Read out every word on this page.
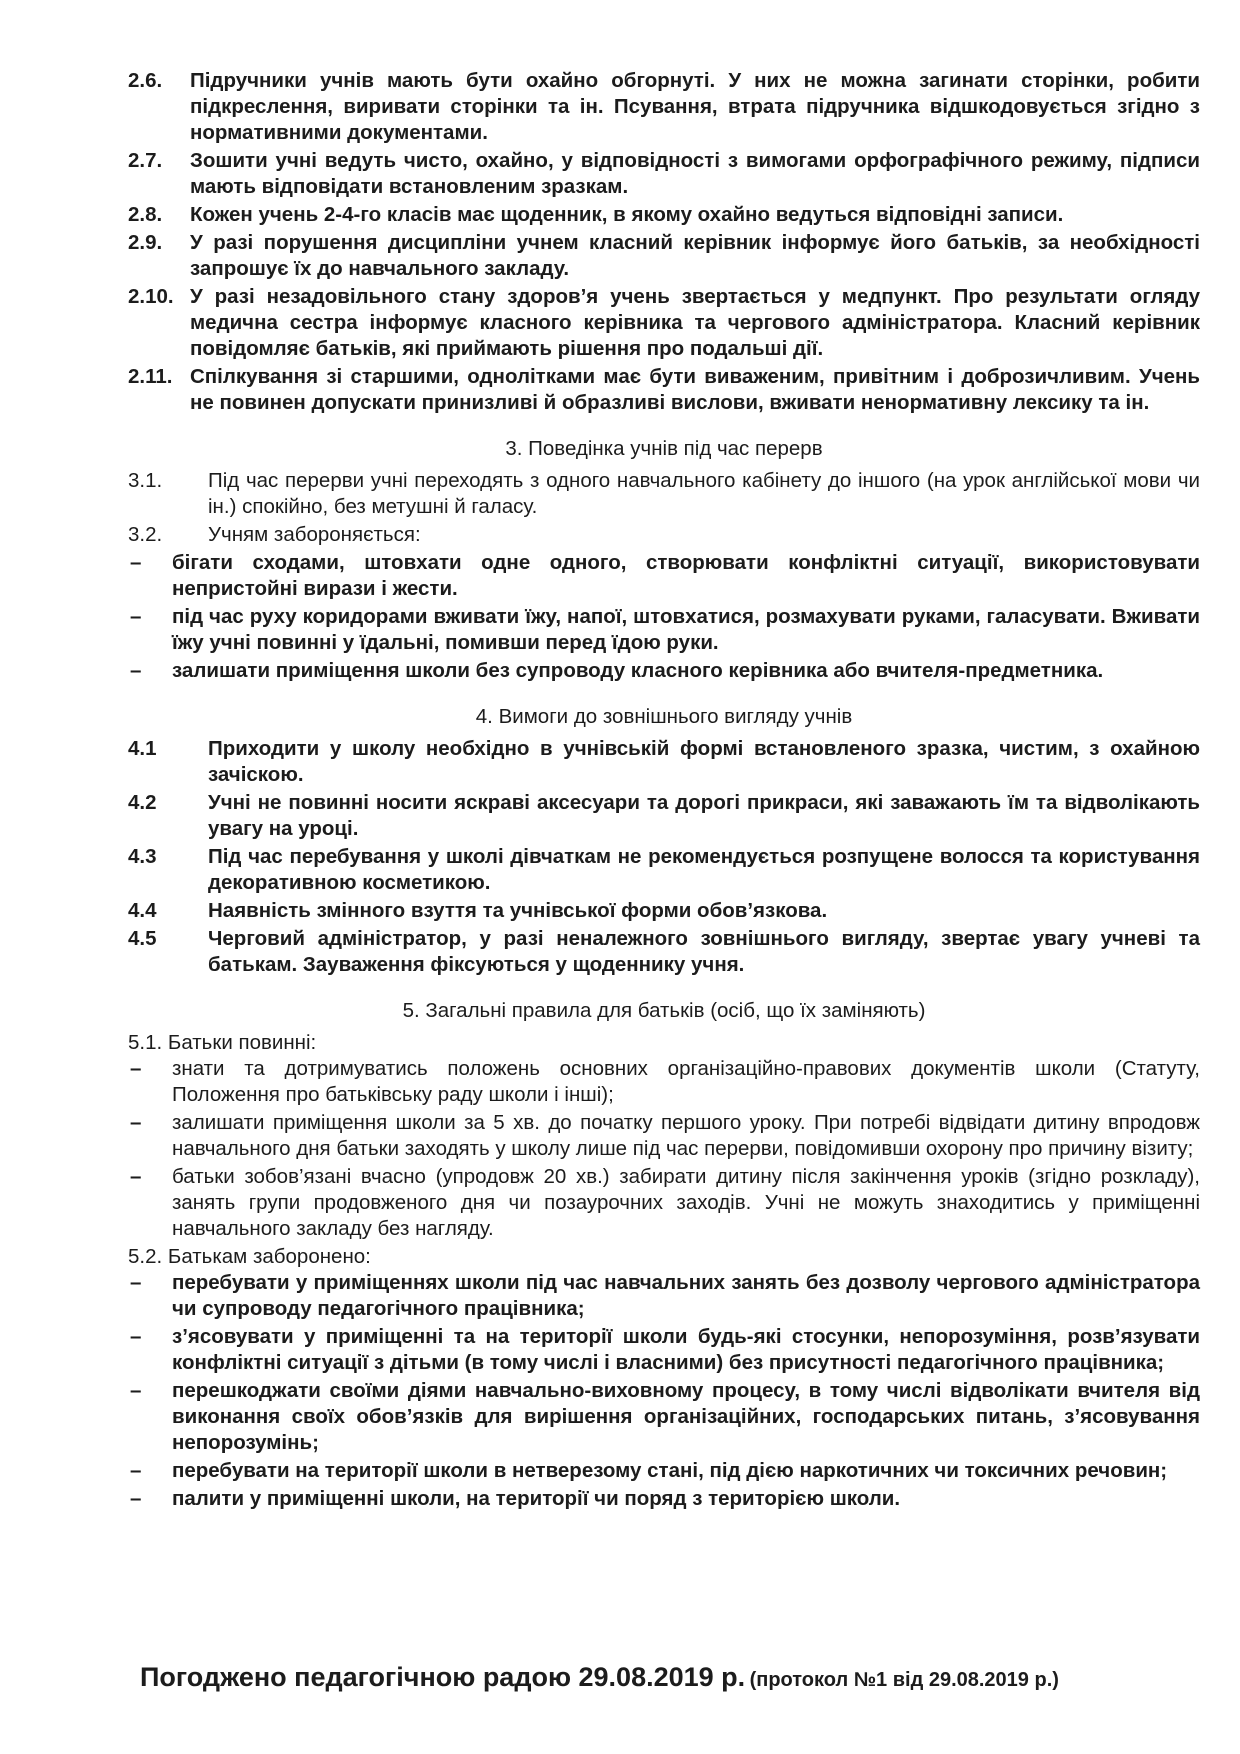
2.6.	Підручники учнів мають бути охайно обгорнуті. У них не можна загинати сторінки, робити підкреслення, виривати сторінки та ін. Псування, втрата підручника відшкодовується згідно з нормативними документами.
2.7.	Зошити учні ведуть чисто, охайно, у відповідності з вимогами орфографічного режиму, підписи мають відповідати встановленим зразкам.
2.8.	Кожен учень 2-4-го класів має щоденник, в якому охайно ведуться відповідні записи.
2.9.	У разі порушення дисципліни учнем класний керівник інформує його батьків, за необхідності запрошує їх до навчального закладу.
2.10. У разі незадовільного стану здоров’я учень звертається у медпункт. Про результати огляду медична сестра інформує класного керівника та чергового адміністратора. Класний керівник повідомляє батьків, які приймають рішення про подальші дії.
2.11. Спілкування зі старшими, однолітками має бути виваженим, привітним і доброзичливим. Учень не повинен допускати принизливі й образливі вислови, вживати ненормативну лексику та ін.
3. Поведінка учнів під час перерв
3.1.	Під час перерви учні переходять з одного навчального кабінету до іншого (на урок англійської мови чи ін.) спокійно, без метушні й галасу.
3.2.	Учням забороняється:
–	бігати сходами, штовхати одне одного, створювати конфліктні ситуації, використовувати непристойні вирази і жести.
–	під час руху коридорами вживати їжу, напої, штовхатися, розмахувати руками, галасувати. Вживати їжу учні повинні у їдальні, помивши перед їдою руки.
–	залишати приміщення школи без супроводу класного керівника або вчителя-предметника.
4. Вимоги до зовнішнього вигляду учнів
4.1	Приходити у школу необхідно в учнівській формі встановленого зразка, чистим, з охайною зачіскою.
4.2	Учні не повинні носити яскраві аксесуари та дорогі прикраси, які заважають їм та відволікають увагу на уроці.
4.3	Під час перебування у школі дівчаткам не рекомендується розпущене волосся та користування декоративною косметикою.
4.4	Наявність змінного взуття та учнівської форми обов’язкова.
4.5	Черговий адміністратор, у разі неналежного зовнішнього вигляду, звертає увагу учневі та батькам. Зауваження фіксуються у щоденнику учня.
5. Загальні правила для батьків (осіб, що їх заміняють)
5.1. Батьки повинні:
–	знати та дотримуватись положень основних організаційно-правових документів школи (Статуту, Положення про батьківську раду школи і інші);
–	залишати приміщення школи за 5 хв. до початку першого уроку. При потребі відвідати дитину впродовж навчального дня батьки заходять у школу лише під час перерви, повідомивши охорону про причину візиту;
–	батьки зобов’язані вчасно (упродовж 20 хв.) забирати дитину після закінчення уроків (згідно розкладу), занять групи продовженого дня чи позаурочних заходів. Учні не можуть знаходитись у приміщенні навчального закладу без нагляду.
5.2. Батькам заборонено:
–	перебувати у приміщеннях школи під час навчальних занять без дозволу чергового адміністратора чи супроводу педагогічного працівника;
–	з’ясовувати у приміщенні та на території школи будь-які стосунки, непорозуміння, розв’язувати конфліктні ситуації з дітьми (в тому числі і власними) без присутності педагогічного працівника;
–	перешкоджати своїми діями навчально-виховному процесу, в тому числі відволікати вчителя від виконання своїх обов’язків для вирішення організаційних, господарських питань, з’ясовування непорозумінь;
–	перебувати на території школи в нетверезому стані, під дією наркотичних чи токсичних речовин;
–	палити у приміщенні школи, на території чи поряд з територією школи.
Погоджено педагогічною радою 29.08.2019 р. (протокол №1 від 29.08.2019 р.)
